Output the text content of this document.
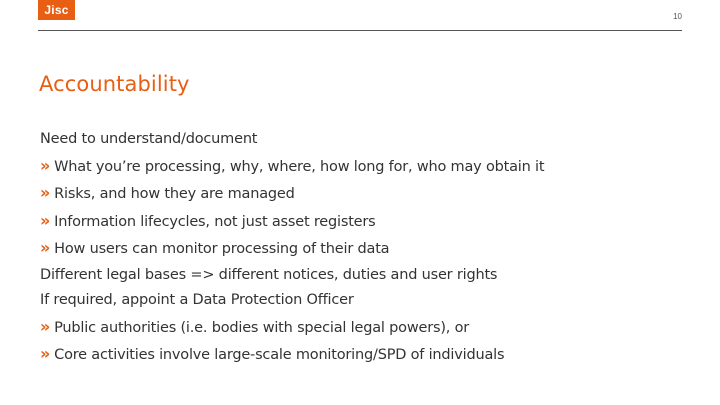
Jisc	10
Accountability
Need to understand/document
» What you’re processing, why, where, how long for, who may obtain it
» Risks, and how they are managed
» Information lifecycles, not just asset registers
» How users can monitor processing of their data
Different legal bases => different notices, duties and user rights
If required, appoint a Data Protection Officer
» Public authorities (i.e. bodies with special legal powers), or
» Core activities involve large-scale monitoring/SPD of individuals
